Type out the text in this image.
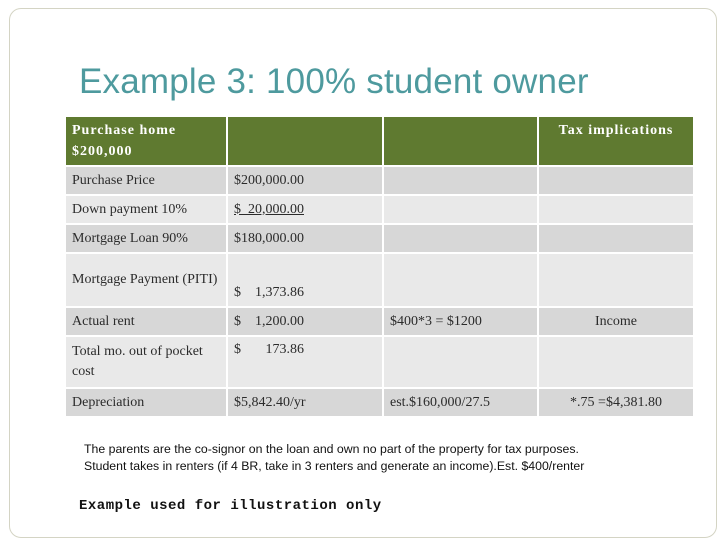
Example 3: 100% student owner
Purchase home $200,000			Tax implications
Purchase Price	$200,000.00		
Down payment 10%	$  20,000.00		
Mortgage Loan 90%	$180,000.00		
Mortgage Payment (PITI)	$    1,373.86		
Actual rent	$    1,200.00	$400*3 = $1200	Income
Total mo. out of pocket cost	$       173.86		
Depreciation	$5,842.40/yr	est.$160,000/27.5	*.75 =$4,381.80
The parents are the co-signor on the loan and own no part of the property for tax purposes.
Student takes in renters (if 4 BR, take in 3 renters and generate an income).Est. $400/renter
Example used for illustration only
